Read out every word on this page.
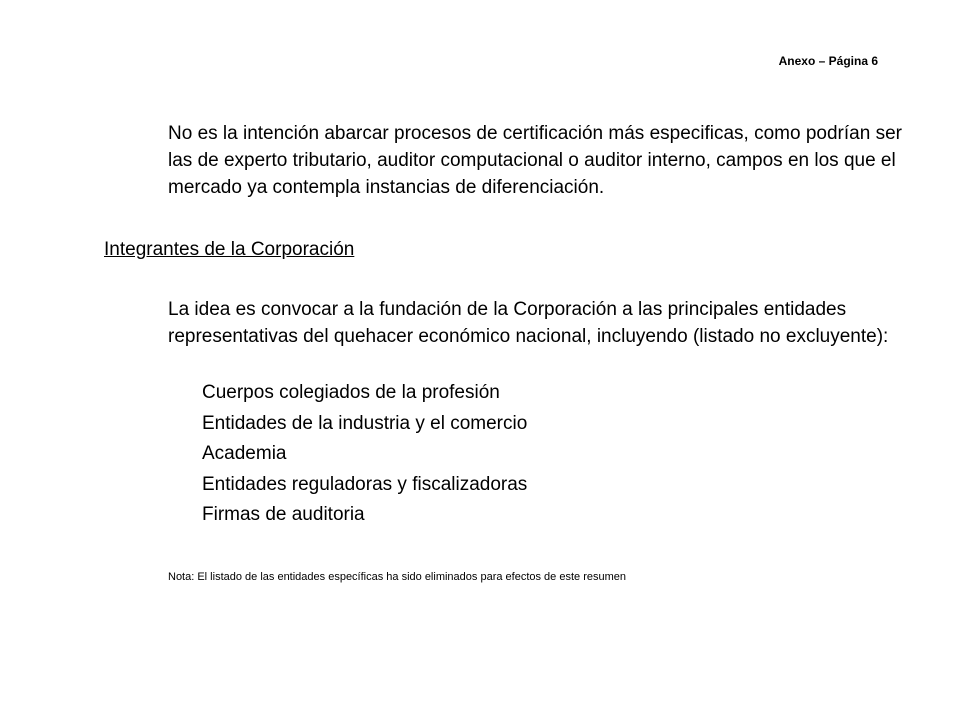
Anexo – Página 6
No es la intención abarcar procesos de certificación más especificas, como podrían ser las de experto tributario, auditor computacional o auditor interno, campos en los que el mercado ya contempla instancias de diferenciación.
Integrantes de la Corporación
La idea es convocar a la fundación de la Corporación a las principales entidades representativas del quehacer económico nacional, incluyendo (listado no excluyente):
Cuerpos colegiados de la profesión
Entidades de la industria y el comercio
Academia
Entidades reguladoras y fiscalizadoras
Firmas de auditoria
Nota: El listado de las entidades específicas ha sido eliminados para efectos de este resumen
